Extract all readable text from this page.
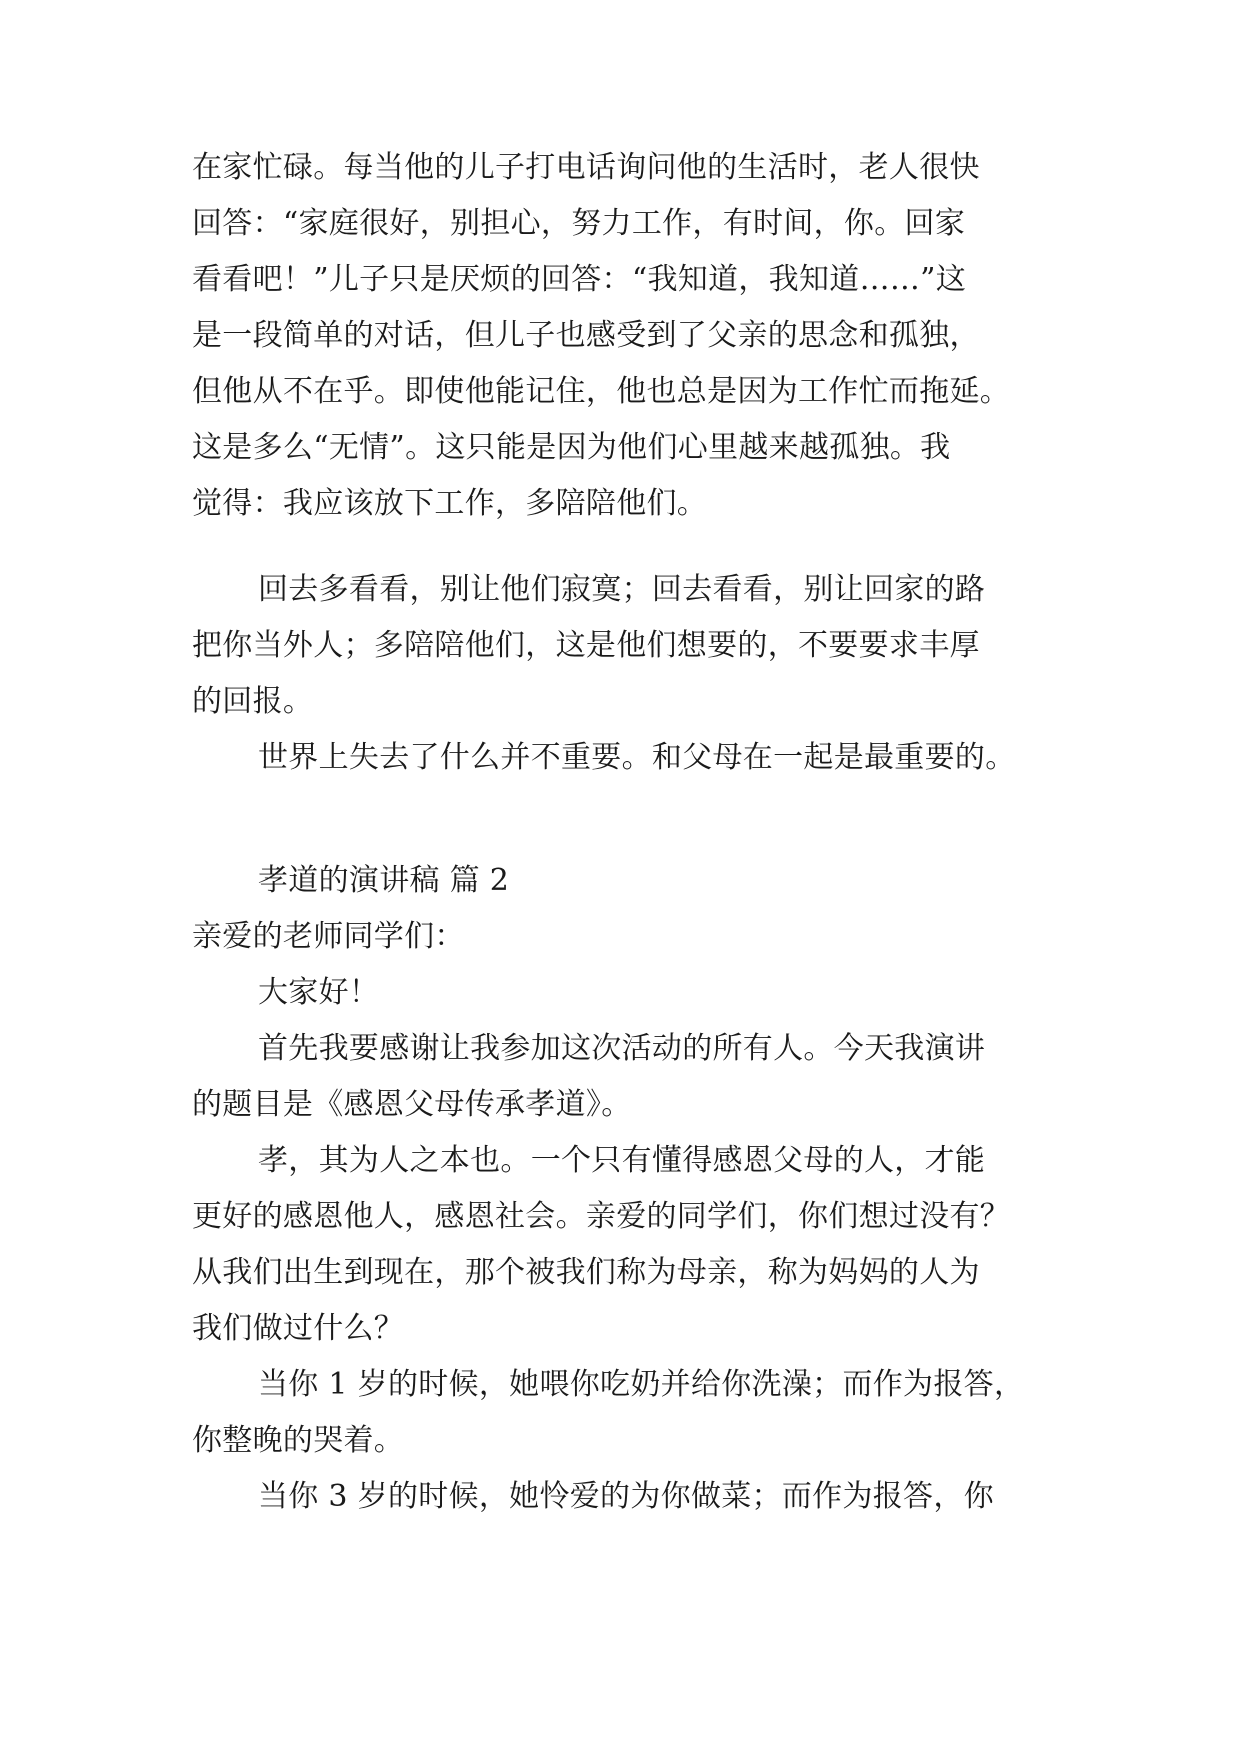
在家忙碌。每当他的儿子打电话询问他的生活时，老人很快
回答：“家庭很好，别担心，努力工作，有时间，你。回家
看看吧！”儿子只是厌烦的回答：“我知道，我知道……”这
是一段简单的对话，但儿子也感受到了父亲的思念和孤独，
但他从不在乎。即使他能记住，他也总是因为工作忙而拖延。
这是多么“无情”。这只能是因为他们心里越来越孤独。我
觉得：我应该放下工作，多陪陪他们。
回去多看看，别让他们寂寞；回去看看，别让回家的路
把你当外人；多陪陪他们，这是他们想要的，不要要求丰厚
的回报。
世界上失去了什么并不重要。和父母在一起是最重要的。
孝道的演讲稿 篇 2
亲爱的老师同学们：
大家好！
首先我要感谢让我参加这次活动的所有人。今天我演讲
的题目是《感恩父母传承孝道》。
孝，其为人之本也。一个只有懂得感恩父母的人，才能
更好的感恩他人，感恩社会。亲爱的同学们，你们想过没有？
从我们出生到现在，那个被我们称为母亲，称为妈妈的人为
我们做过什么？
当你 1 岁的时候，她喂你吃奶并给你洗澡；而作为报答，
你整晚的哭着。
当你 3 岁的时候，她怜爱的为你做菜；而作为报答，你
